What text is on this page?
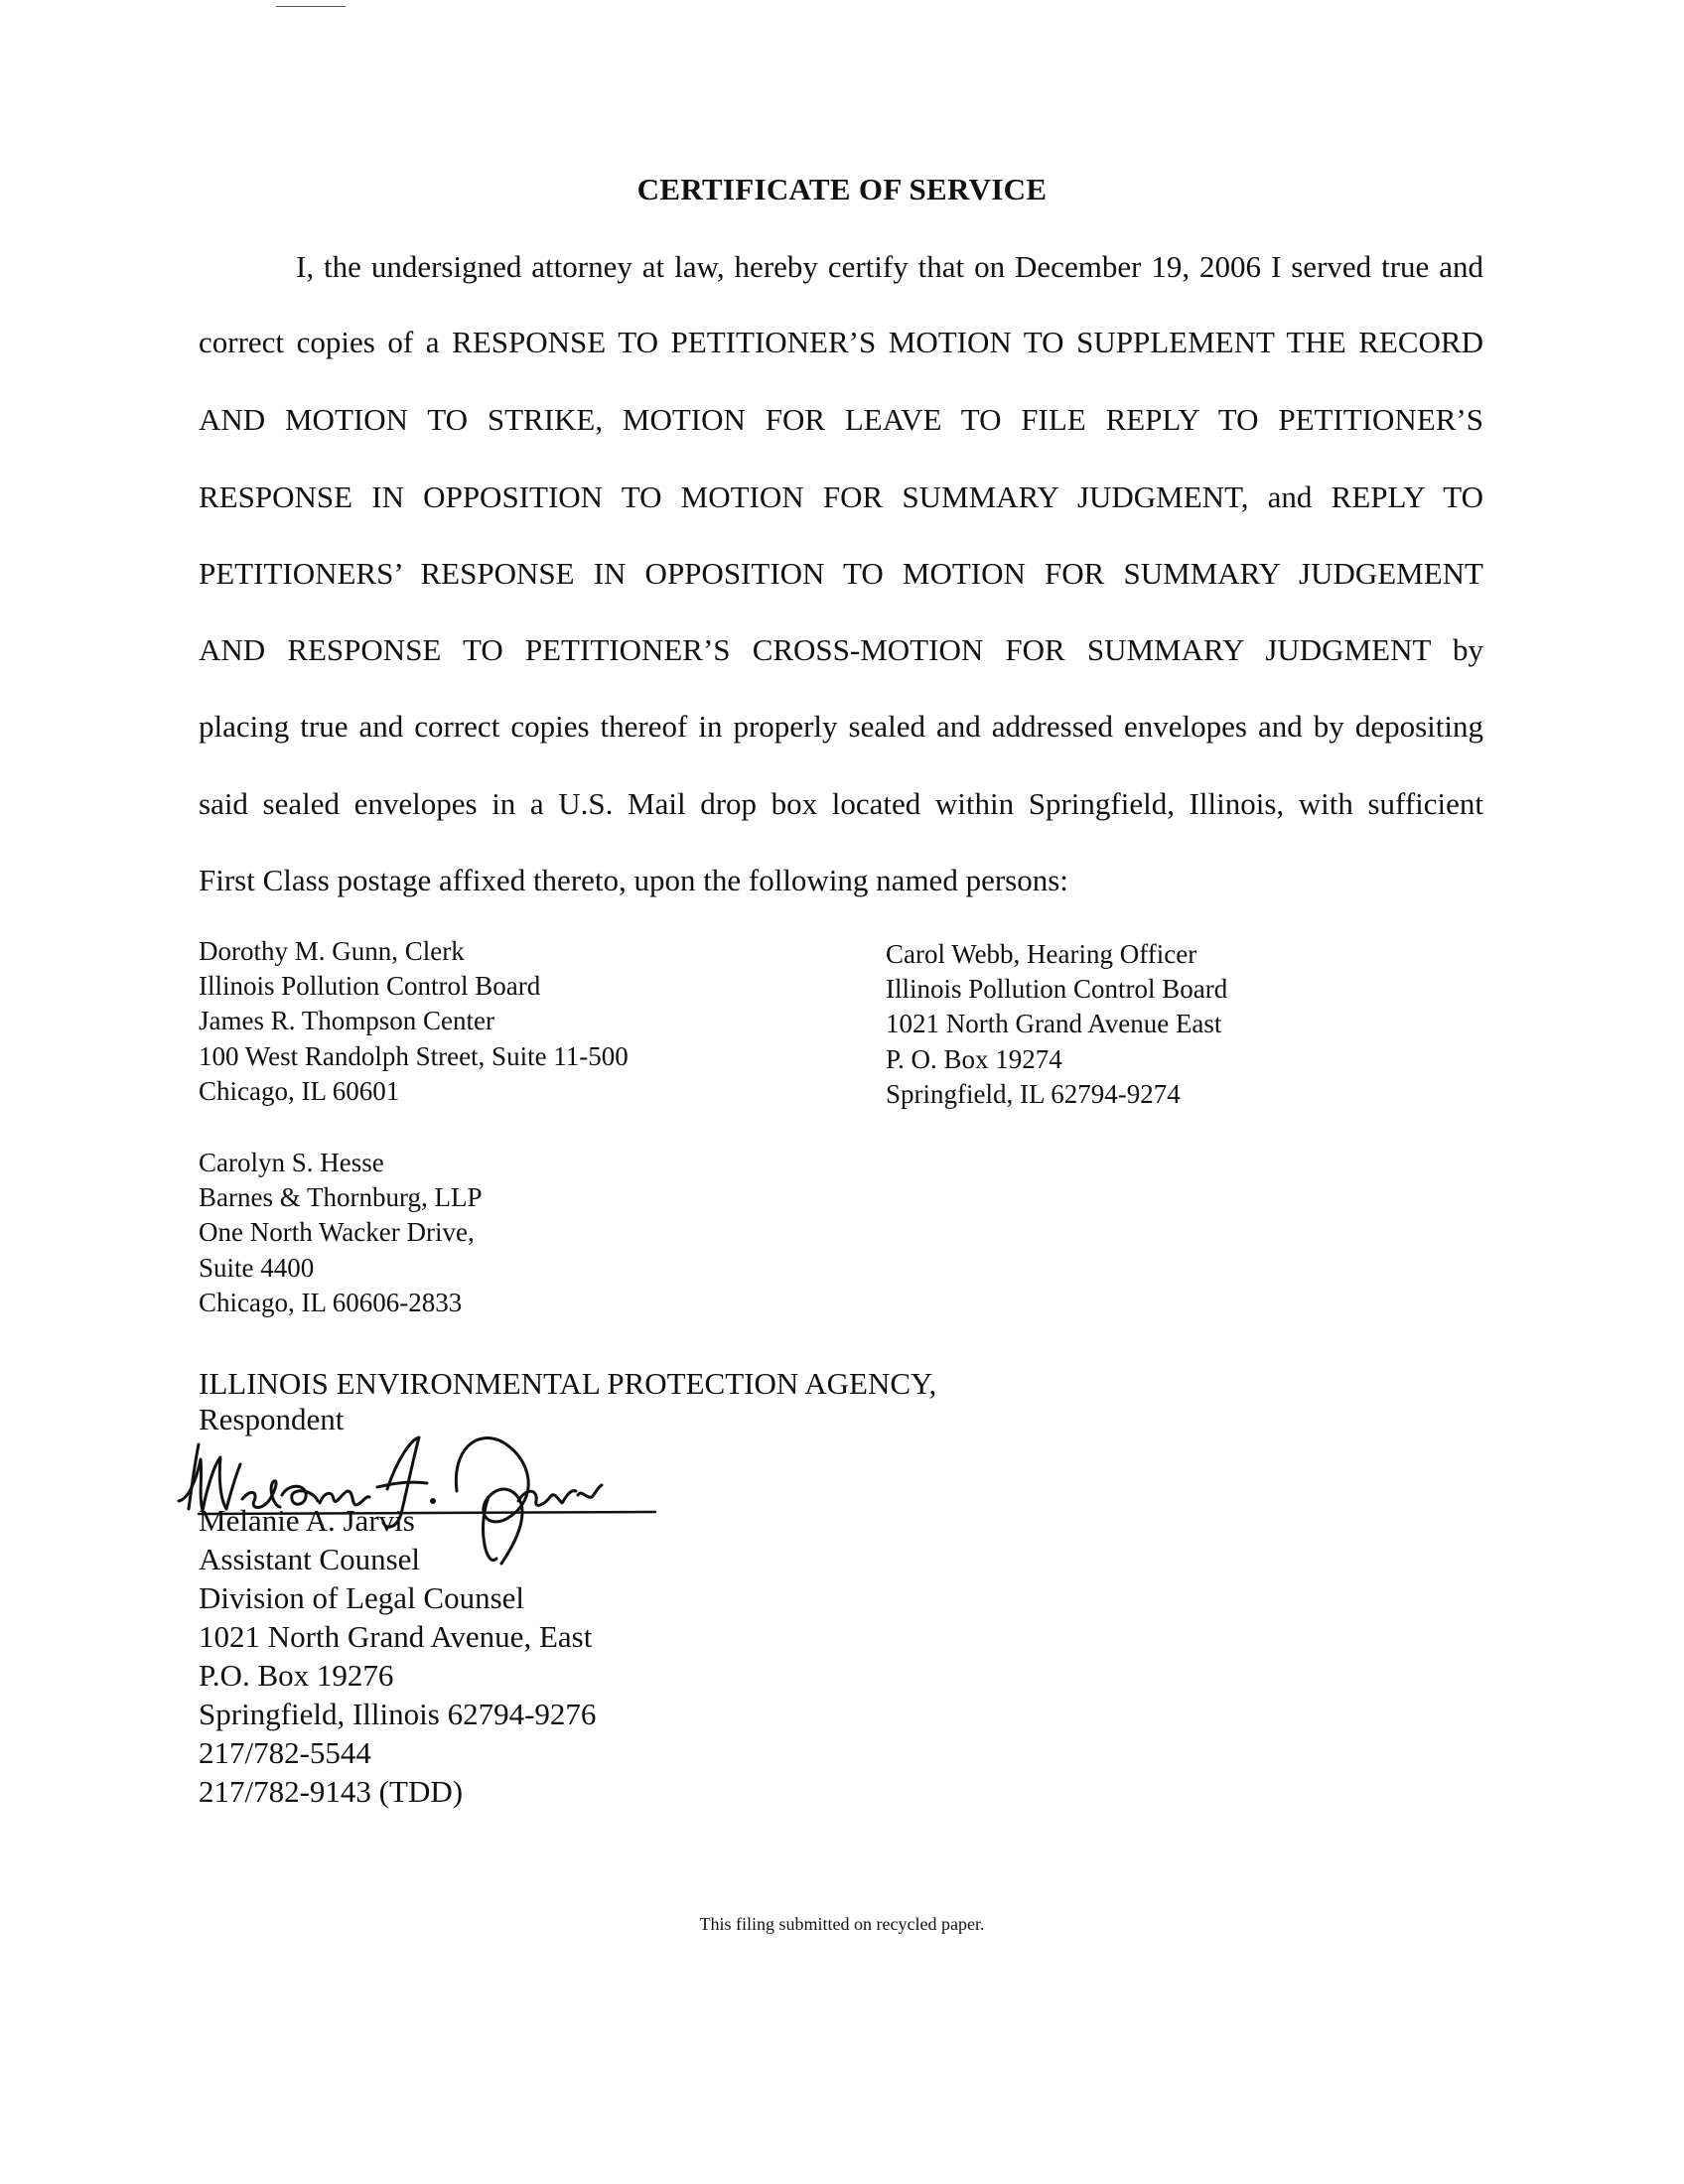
CERTIFICATE OF SERVICE
I, the undersigned attorney at law, hereby certify that on December 19, 2006 I served true and
correct copies of a RESPONSE TO PETITIONER’S MOTION TO SUPPLEMENT THE RECORD
AND MOTION TO STRIKE, MOTION FOR LEAVE TO FILE REPLY TO PETITIONER’S
RESPONSE IN OPPOSITION TO MOTION FOR SUMMARY JUDGMENT, and REPLY TO
PETITIONERS’ RESPONSE IN OPPOSITION TO MOTION FOR SUMMARY JUDGEMENT
AND RESPONSE TO PETITIONER’S CROSS-MOTION FOR SUMMARY JUDGMENT by
placing true and correct copies thereof in properly sealed and addressed envelopes and by depositing
said sealed envelopes in a U.S. Mail drop box located within Springfield, Illinois, with sufficient
First Class postage affixed thereto, upon the following named persons:
Dorothy M. Gunn, Clerk
Illinois Pollution Control Board
James R. Thompson Center
100 West Randolph Street, Suite 11-500
Chicago, IL 60601
Carol Webb, Hearing Officer
Illinois Pollution Control Board
1021 North Grand Avenue East
P. O. Box 19274
Springfield, IL 62794-9274
Carolyn S. Hesse
Barnes & Thornburg, LLP
One North Wacker Drive,
Suite 4400
Chicago, IL 60606-2833
ILLINOIS ENVIRONMENTAL PROTECTION AGENCY,
Respondent
Melanie A. Jarvis
Assistant Counsel
Division of Legal Counsel
1021 North Grand Avenue, East
P.O. Box 19276
Springfield, Illinois 62794-9276
217/782-5544
217/782-9143 (TDD)
This filing submitted on recycled paper.
